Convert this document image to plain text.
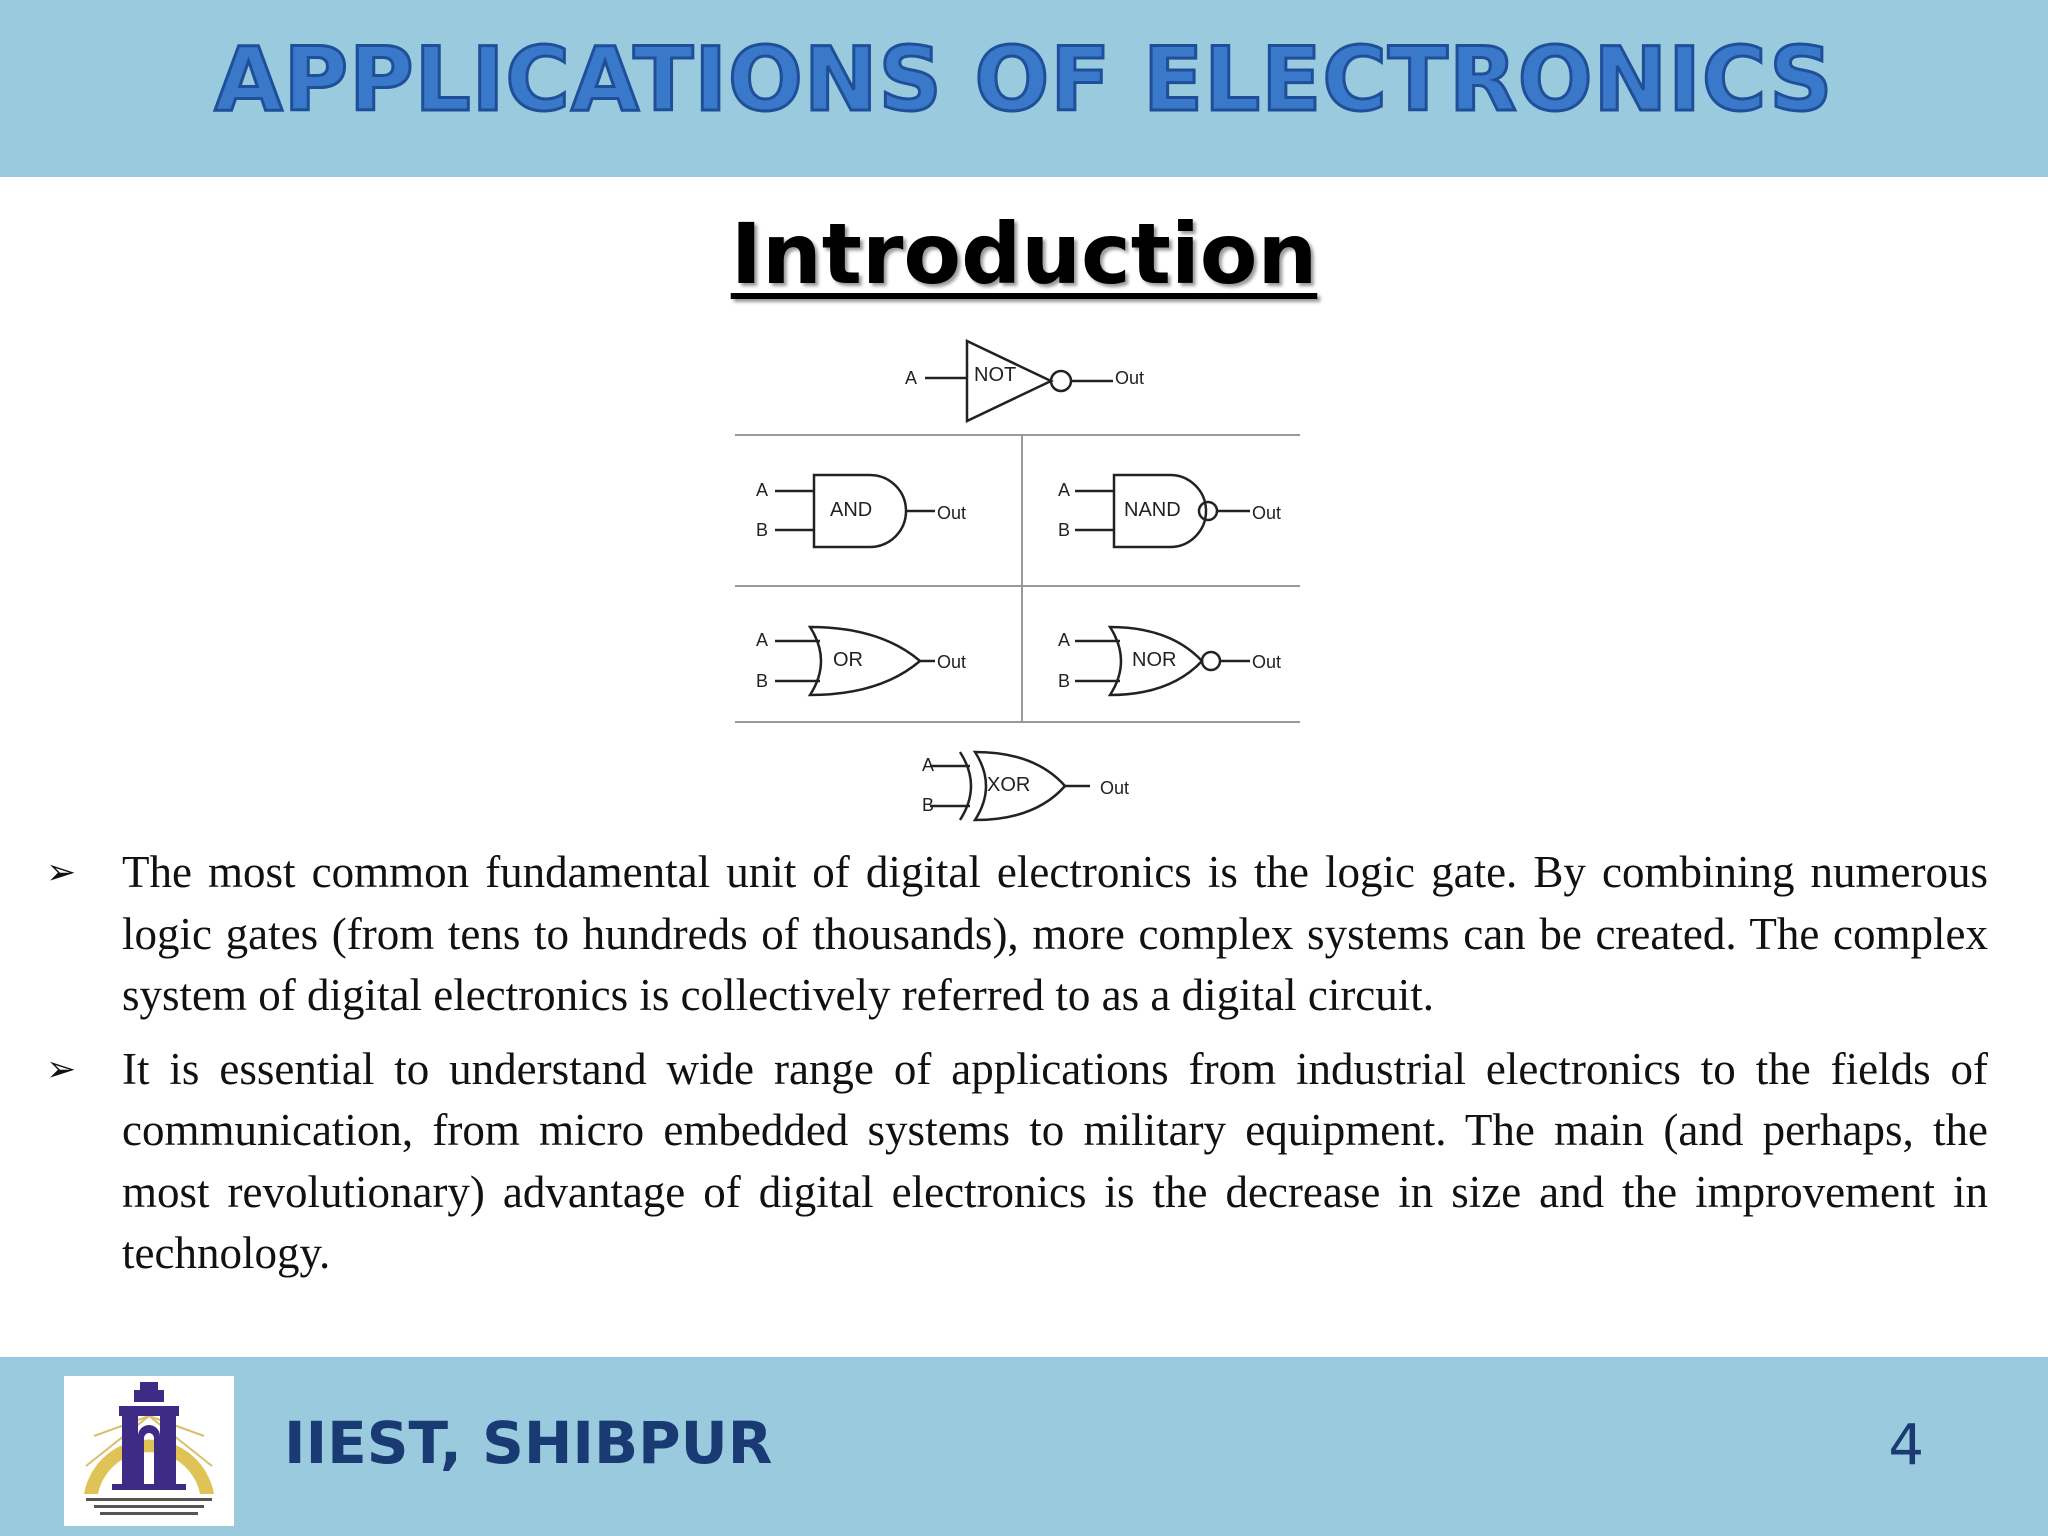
APPLICATIONS OF ELECTRONICS
Introduction
A	NOT	Out
A
B
AND	Out
A
B
NAND	Out
A
B
OR	Out
A
B
NOR	Out
A
B
XOR	Out
➢ The most common fundamental unit of digital electronics is the logic gate. By combining numerous logic gates (from tens to hundreds of thousands), more complex systems can be created. The complex system of digital electronics is collectively referred to as a digital circuit.
➢ It is essential to understand wide range of applications from industrial electronics to the fields of communication, from micro embedded systems to military equipment. The main (and perhaps, the most revolutionary) advantage of digital electronics is the decrease in size and the improvement in technology.
IIEST, SHIBPUR	4
